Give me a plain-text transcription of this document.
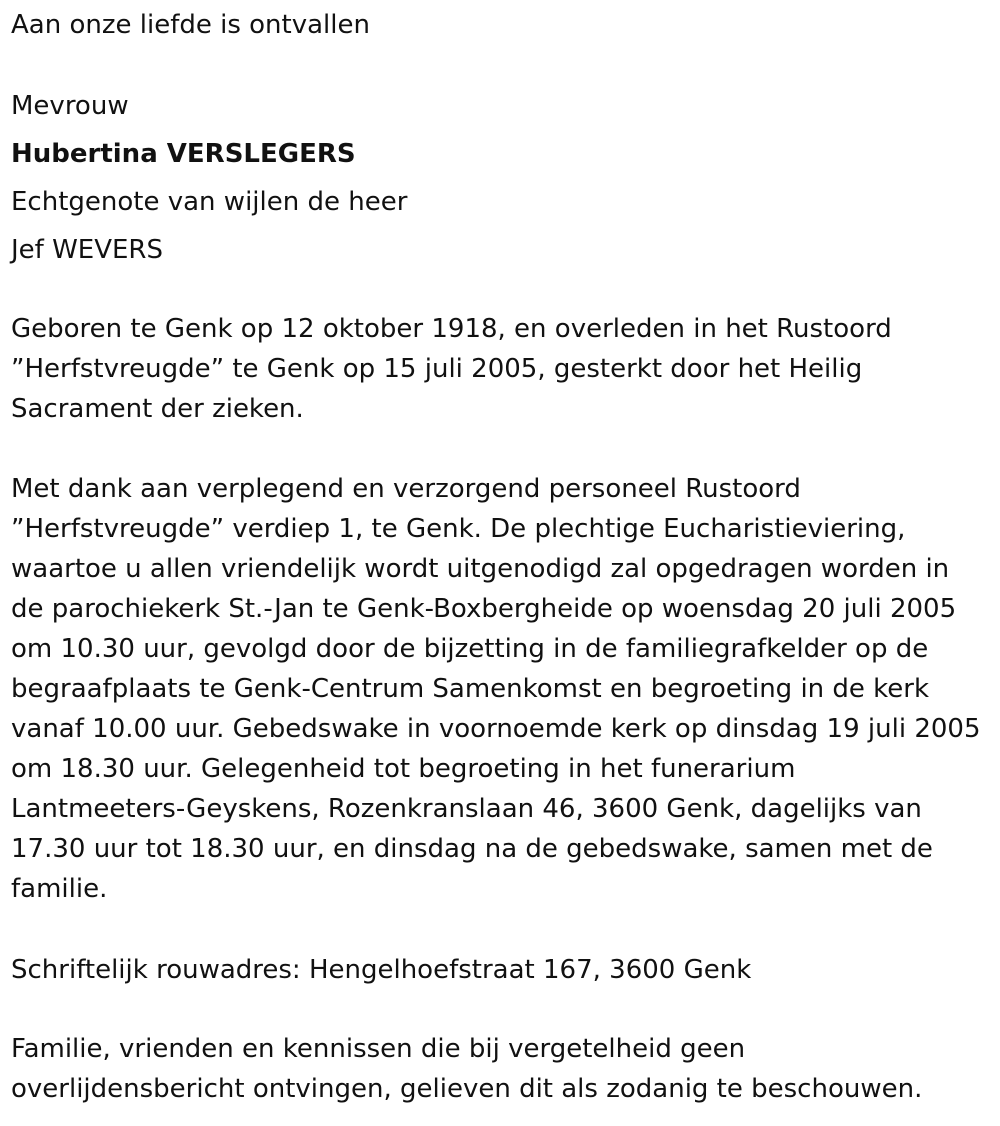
Aan onze liefde is ontvallen

Mevrouw

Hubertina VERSLEGERS

Echtgenote van wijlen de heer

Jef WEVERS

Geboren te Genk op 12 oktober 1918, en overleden in het Rustoord
”Herfstvreugde” te Genk op 15 juli 2005, gesterkt door het Heilig
Sacrament der zieken.
Met dank aan verplegend en verzorgend personeel Rustoord
”Herfstvreugde” verdiep 1, te Genk. De plechtige Eucharistieviering,
waartoe u allen vriendelijk wordt uitgenodigd zal opgedragen worden in
de parochiekerk St.-Jan te Genk-Boxbergheide op woensdag 20 juli 2005
om 10.30 uur, gevolgd door de bijzetting in de familiegrafkelder op de
begraafplaats te Genk-Centrum Samenkomst en begroeting in de kerk
vanaf 10.00 uur. Gebedswake in voornoemde kerk op dinsdag 19 juli 2005
om 18.30 uur. Gelegenheid tot begroeting in het funerarium
Lantmeeters-Geyskens, Rozenkranslaan 46, 3600 Genk, dagelijks van
17.30 uur tot 18.30 uur, en dinsdag na de gebedswake, samen met de
familie.

Schriftelijk rouwadres: Hengelhoefstraat 167, 3600 Genk

Familie, vrienden en kennissen die bij vergetelheid geen
overlijdensbericht ontvingen, gelieven dit als zodanig te beschouwen.
